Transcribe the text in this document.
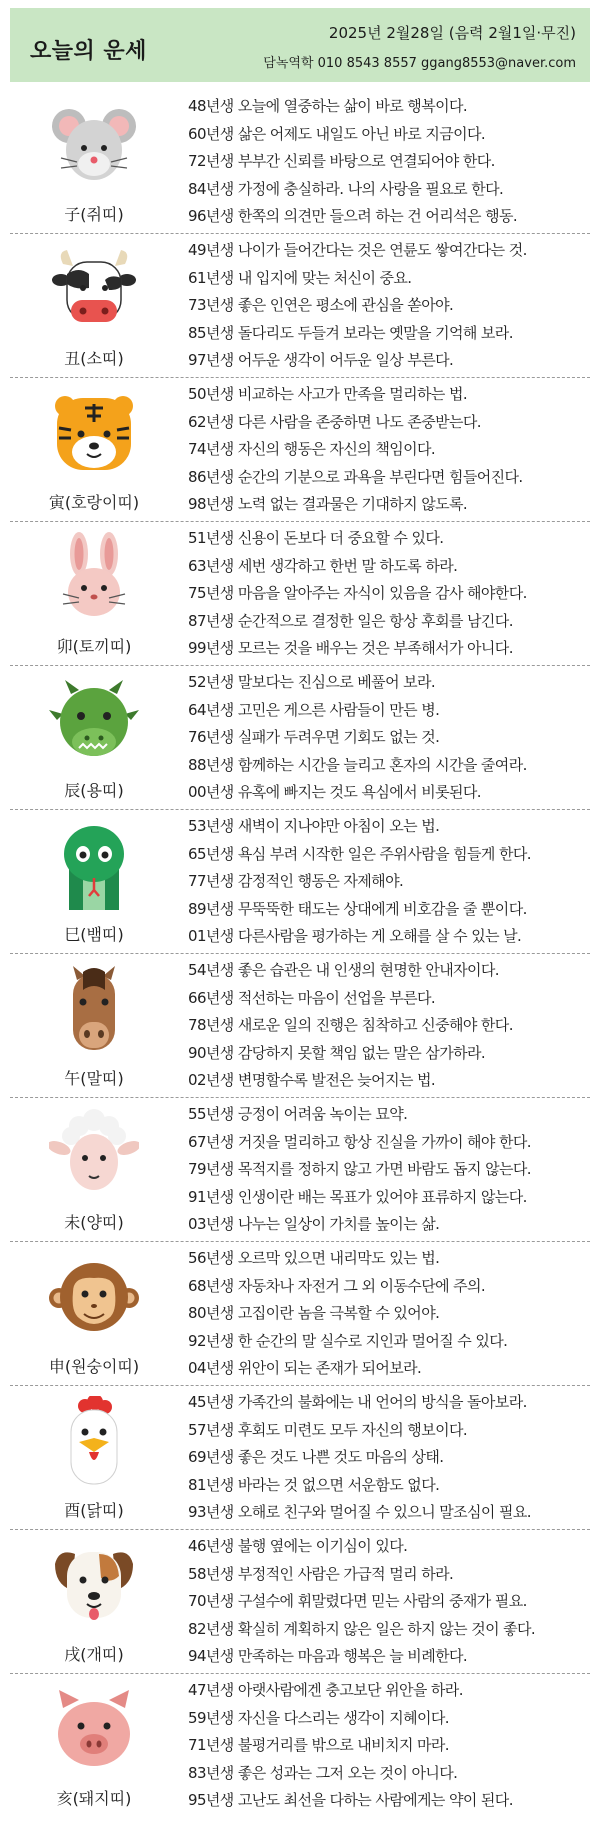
오늘의 운세
2025년 2월28일 (음력 2월1일·무진)
담녹역학 010 8543 8557 ggang8553@naver.com
子(쥐띠)
48년생 오늘에 열중하는 삶이 바로 행복이다.
60년생 삶은 어제도 내일도 아닌 바로 지금이다.
72년생 부부간 신뢰를 바탕으로 연결되어야 한다.
84년생 가정에 충실하라. 나의 사랑을 필요로 한다.
96년생 한쪽의 의견만 들으려 하는 건 어리석은 행동.
丑(소띠)
49년생 나이가 들어간다는 것은 연륜도 쌓여간다는 것.
61년생 내 입지에 맞는 처신이 중요.
73년생 좋은 인연은 평소에 관심을 쏟아야.
85년생 돌다리도 두들겨 보라는 옛말을 기억해 보라.
97년생 어두운 생각이 어두운 일상 부른다.
寅(호랑이띠)
50년생 비교하는 사고가 만족을 멀리하는 법.
62년생 다른 사람을 존중하면 나도 존중받는다.
74년생 자신의 행동은 자신의 책임이다.
86년생 순간의 기분으로 과욕을 부린다면 힘들어진다.
98년생 노력 없는 결과물은 기대하지 않도록.
卯(토끼띠)
51년생 신용이 돈보다 더 중요할 수 있다.
63년생 세번 생각하고 한번 말 하도록 하라.
75년생 마음을 알아주는 자식이 있음을 감사 해야한다.
87년생 순간적으로 결정한 일은 항상 후회를 남긴다.
99년생 모르는 것을 배우는 것은 부족해서가 아니다.
辰(용띠)
52년생 말보다는 진심으로 베풀어 보라.
64년생 고민은 게으른 사람들이 만든 병.
76년생 실패가 두려우면 기회도 없는 것.
88년생 함께하는 시간을 늘리고 혼자의 시간을 줄여라.
00년생 유혹에 빠지는 것도 욕심에서 비롯된다.
巳(뱀띠)
53년생 새벽이 지나야만 아침이 오는 법.
65년생 욕심 부려 시작한 일은 주위사람을 힘들게 한다.
77년생 감정적인 행동은 자제해야.
89년생 무뚝뚝한 태도는 상대에게 비호감을 줄 뿐이다.
01년생 다른사람을 평가하는 게 오해를 살 수 있는 날.
午(말띠)
54년생 좋은 습관은 내 인생의 현명한 안내자이다.
66년생 적선하는 마음이 선업을 부른다.
78년생 새로운 일의 진행은 침착하고 신중해야 한다.
90년생 감당하지 못할 책임 없는 말은 삼가하라.
02년생 변명할수록 발전은 늦어지는 법.
未(양띠)
55년생 긍정이 어려움 녹이는 묘약.
67년생 거짓을 멀리하고 항상 진실을 가까이 해야 한다.
79년생 목적지를 정하지 않고 가면 바람도 돕지 않는다.
91년생 인생이란 배는 목표가 있어야 표류하지 않는다.
03년생 나누는 일상이 가치를 높이는 삶.
申(원숭이띠)
56년생 오르막 있으면 내리막도 있는 법.
68년생 자동차나 자전거 그 외 이동수단에 주의.
80년생 고집이란 놈을 극복할 수 있어야.
92년생 한 순간의 말 실수로 지인과 멀어질 수 있다.
04년생 위안이 되는 존재가 되어보라.
酉(닭띠)
45년생 가족간의 불화에는 내 언어의 방식을 돌아보라.
57년생 후회도 미련도 모두 자신의 행보이다.
69년생 좋은 것도 나쁜 것도 마음의 상태.
81년생 바라는 것 없으면 서운함도 없다.
93년생 오해로 친구와 멀어질 수 있으니 말조심이 필요.
戌(개띠)
46년생 불행 옆에는 이기심이 있다.
58년생 부정적인 사람은 가급적 멀리 하라.
70년생 구설수에 휘말렸다면 믿는 사람의 중재가 필요.
82년생 확실히 계획하지 않은 일은 하지 않는 것이 좋다.
94년생 만족하는 마음과 행복은 늘 비례한다.
亥(돼지띠)
47년생 아랫사람에겐 충고보단 위안을 하라.
59년생 자신을 다스리는 생각이 지혜이다.
71년생 불평거리를 밖으로 내비치지 마라.
83년생 좋은 성과는 그저 오는 것이 아니다.
95년생 고난도 최선을 다하는 사람에게는 약이 된다.
